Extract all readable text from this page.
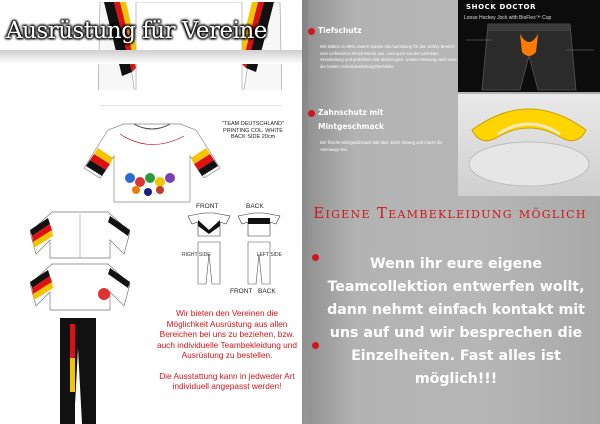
Ausrüstung für Vereine
"TEAM DEUTSCHLAND" PRINTING COL. WHITE BACK SIDE 20cm
FRONT	BACK
RIGHT SIDE	LEFT SIDE
FRONT BACK

Wir bieten den Vereinen die Möglichkeit Ausrüstung aus allen Bereichen bei uns zu beziehen, bzw. auch individuelle Teambekleidung und Ausrüstung zu bestellen.

Die Ausstattung kann in jedweder Art individuell angepasst werden!

Tiefschutz
Wir statten zu 99% unsere Spieler mit Ausrüstung für den Safety Bereich vom Lieferanten Shock Doctor aus. Laut auch von der perfekten Verarbeitung und perfektem Sitz überzeugen. Unsere Meinung nach einer der besten Schutzausrüstungshersteller.
SHOCK DOCTOR
Loose Hockey Jock with BioFlex™ Cup
Zahnschutz mit
Mintgeschmack
Der frische Minzgeschmack hält über Jahre hinweg und macht die Atemwege frei.
Eigene Teambekleidung möglich
Wenn ihr eure eigene Teamcollektion entwerfen wollt, dann nehmt einfach kontakt mit uns auf und wir besprechen die Einzelheiten. Fast alles ist möglich!!!
